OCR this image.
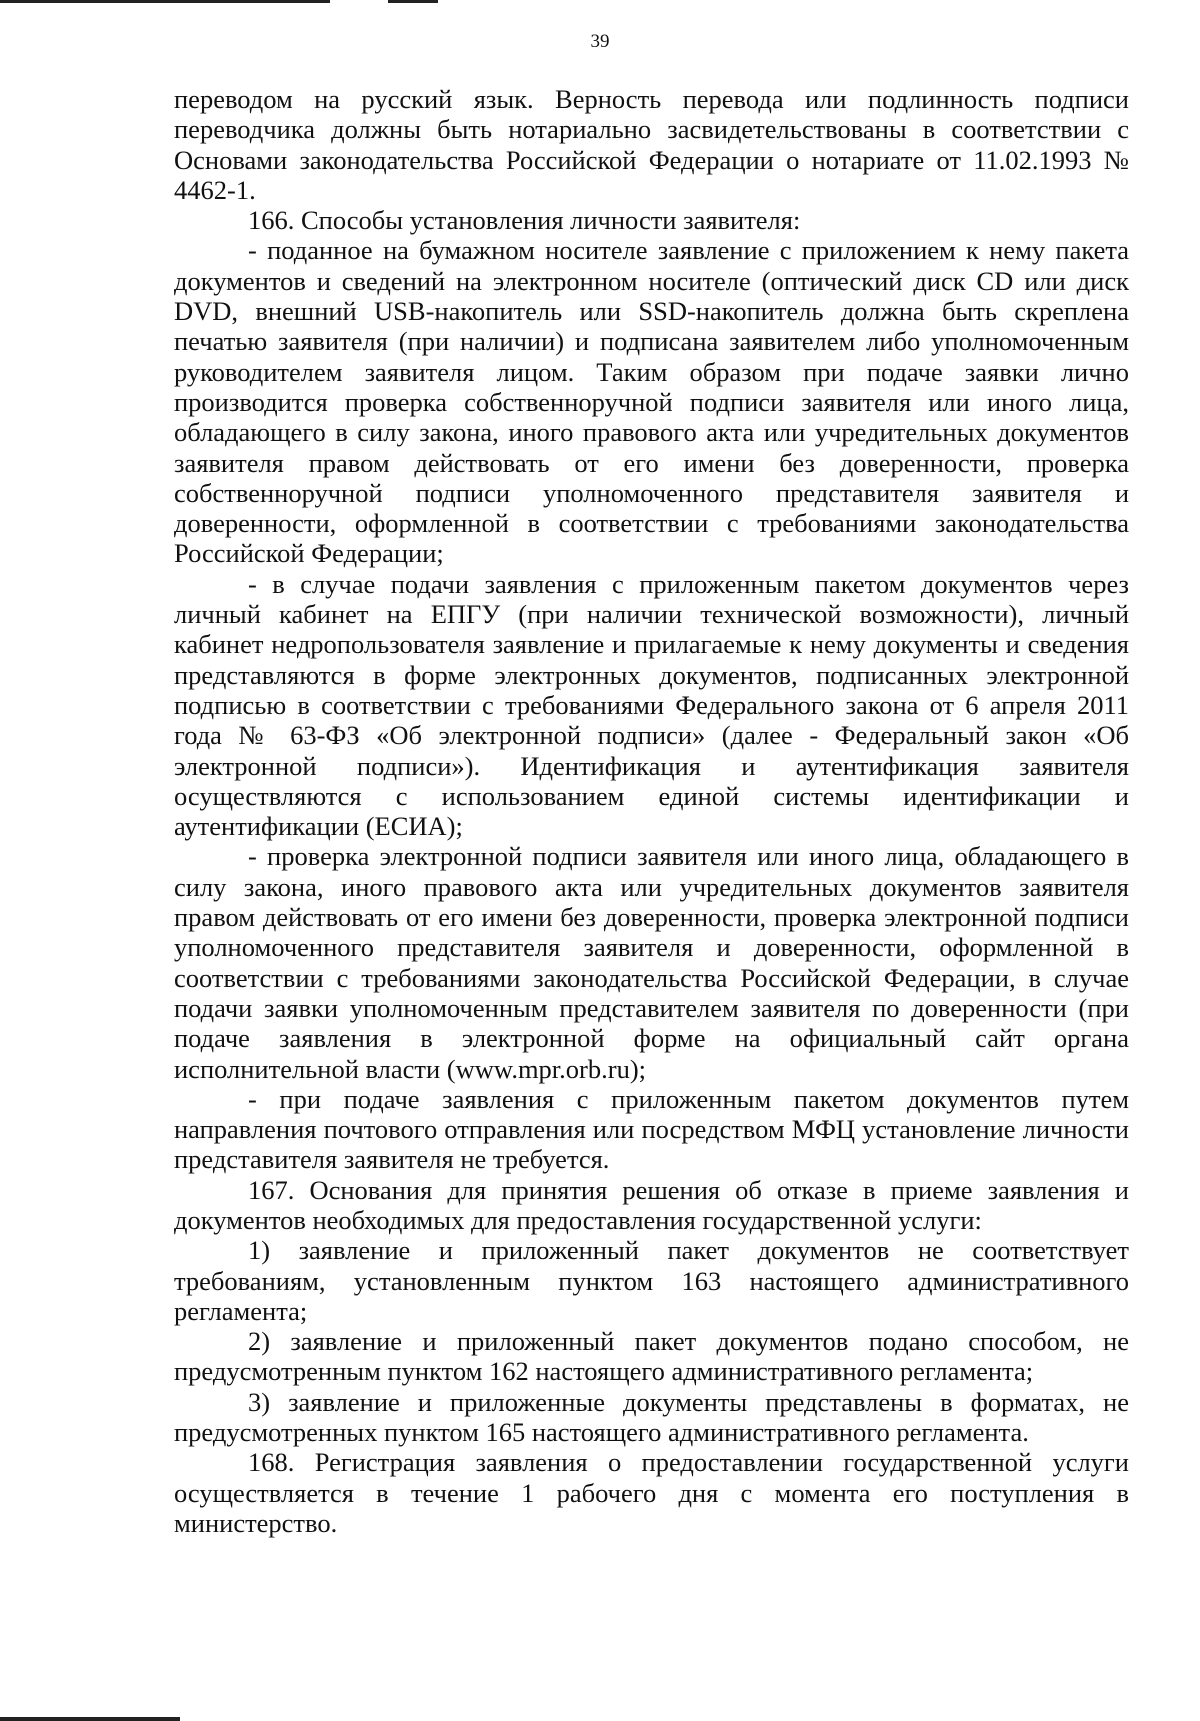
39

переводом на русский язык. Верность перевода или подлинность подписи переводчика должны быть нотариально засвидетельствованы в соответствии с Основами законодательства Российской Федерации о нотариате от 11.02.1993 № 4462-1.

166. Способы установления личности заявителя:

- поданное на бумажном носителе заявление с приложением к нему пакета документов и сведений на электронном носителе (оптический диск CD или диск DVD, внешний USB-накопитель или SSD-накопитель должна быть скреплена печатью заявителя (при наличии) и подписана заявителем либо уполномоченным руководителем заявителя лицом. Таким образом при подаче заявки лично производится проверка собственноручной подписи заявителя или иного лица, обладающего в силу закона, иного правового акта или учредительных документов заявителя правом действовать от его имени без доверенности, проверка собственноручной подписи уполномоченного представителя заявителя и доверенности, оформленной в соответствии с требованиями законодательства Российской Федерации;

- в случае подачи заявления с приложенным пакетом документов через личный кабинет на ЕПГУ (при наличии технической возможности), личный кабинет недропользователя заявление и прилагаемые к нему документы и сведения представляются в форме электронных документов, подписанных электронной подписью в соответствии с требованиями Федерального закона от 6 апреля 2011 года № 63-ФЗ «Об электронной подписи» (далее - Федеральный закон «Об электронной подписи»). Идентификация и аутентификация заявителя осуществляются с использованием единой системы идентификации и аутентификации (ЕСИА);

- проверка электронной подписи заявителя или иного лица, обладающего в силу закона, иного правового акта или учредительных документов заявителя правом действовать от его имени без доверенности, проверка электронной подписи уполномоченного представителя заявителя и доверенности, оформленной в соответствии с требованиями законодательства Российской Федерации, в случае подачи заявки уполномоченным представителем заявителя по доверенности (при подаче заявления в электронной форме на официальный сайт органа исполнительной власти (www.mpr.orb.ru);

- при подаче заявления с приложенным пакетом документов путем направления почтового отправления или посредством МФЦ установление личности представителя заявителя не требуется.

167. Основания для принятия решения об отказе в приеме заявления и документов необходимых для предоставления государственной услуги:

1) заявление и приложенный пакет документов не соответствует требованиям, установленным пунктом 163 настоящего административного регламента;

2) заявление и приложенный пакет документов подано способом, не предусмотренным пунктом 162 настоящего административного регламента;

3) заявление и приложенные документы представлены в форматах, не предусмотренных пунктом 165 настоящего административного регламента.

168. Регистрация заявления о предоставлении государственной услуги осуществляется в течение 1 рабочего дня с момента его поступления в министерство.
